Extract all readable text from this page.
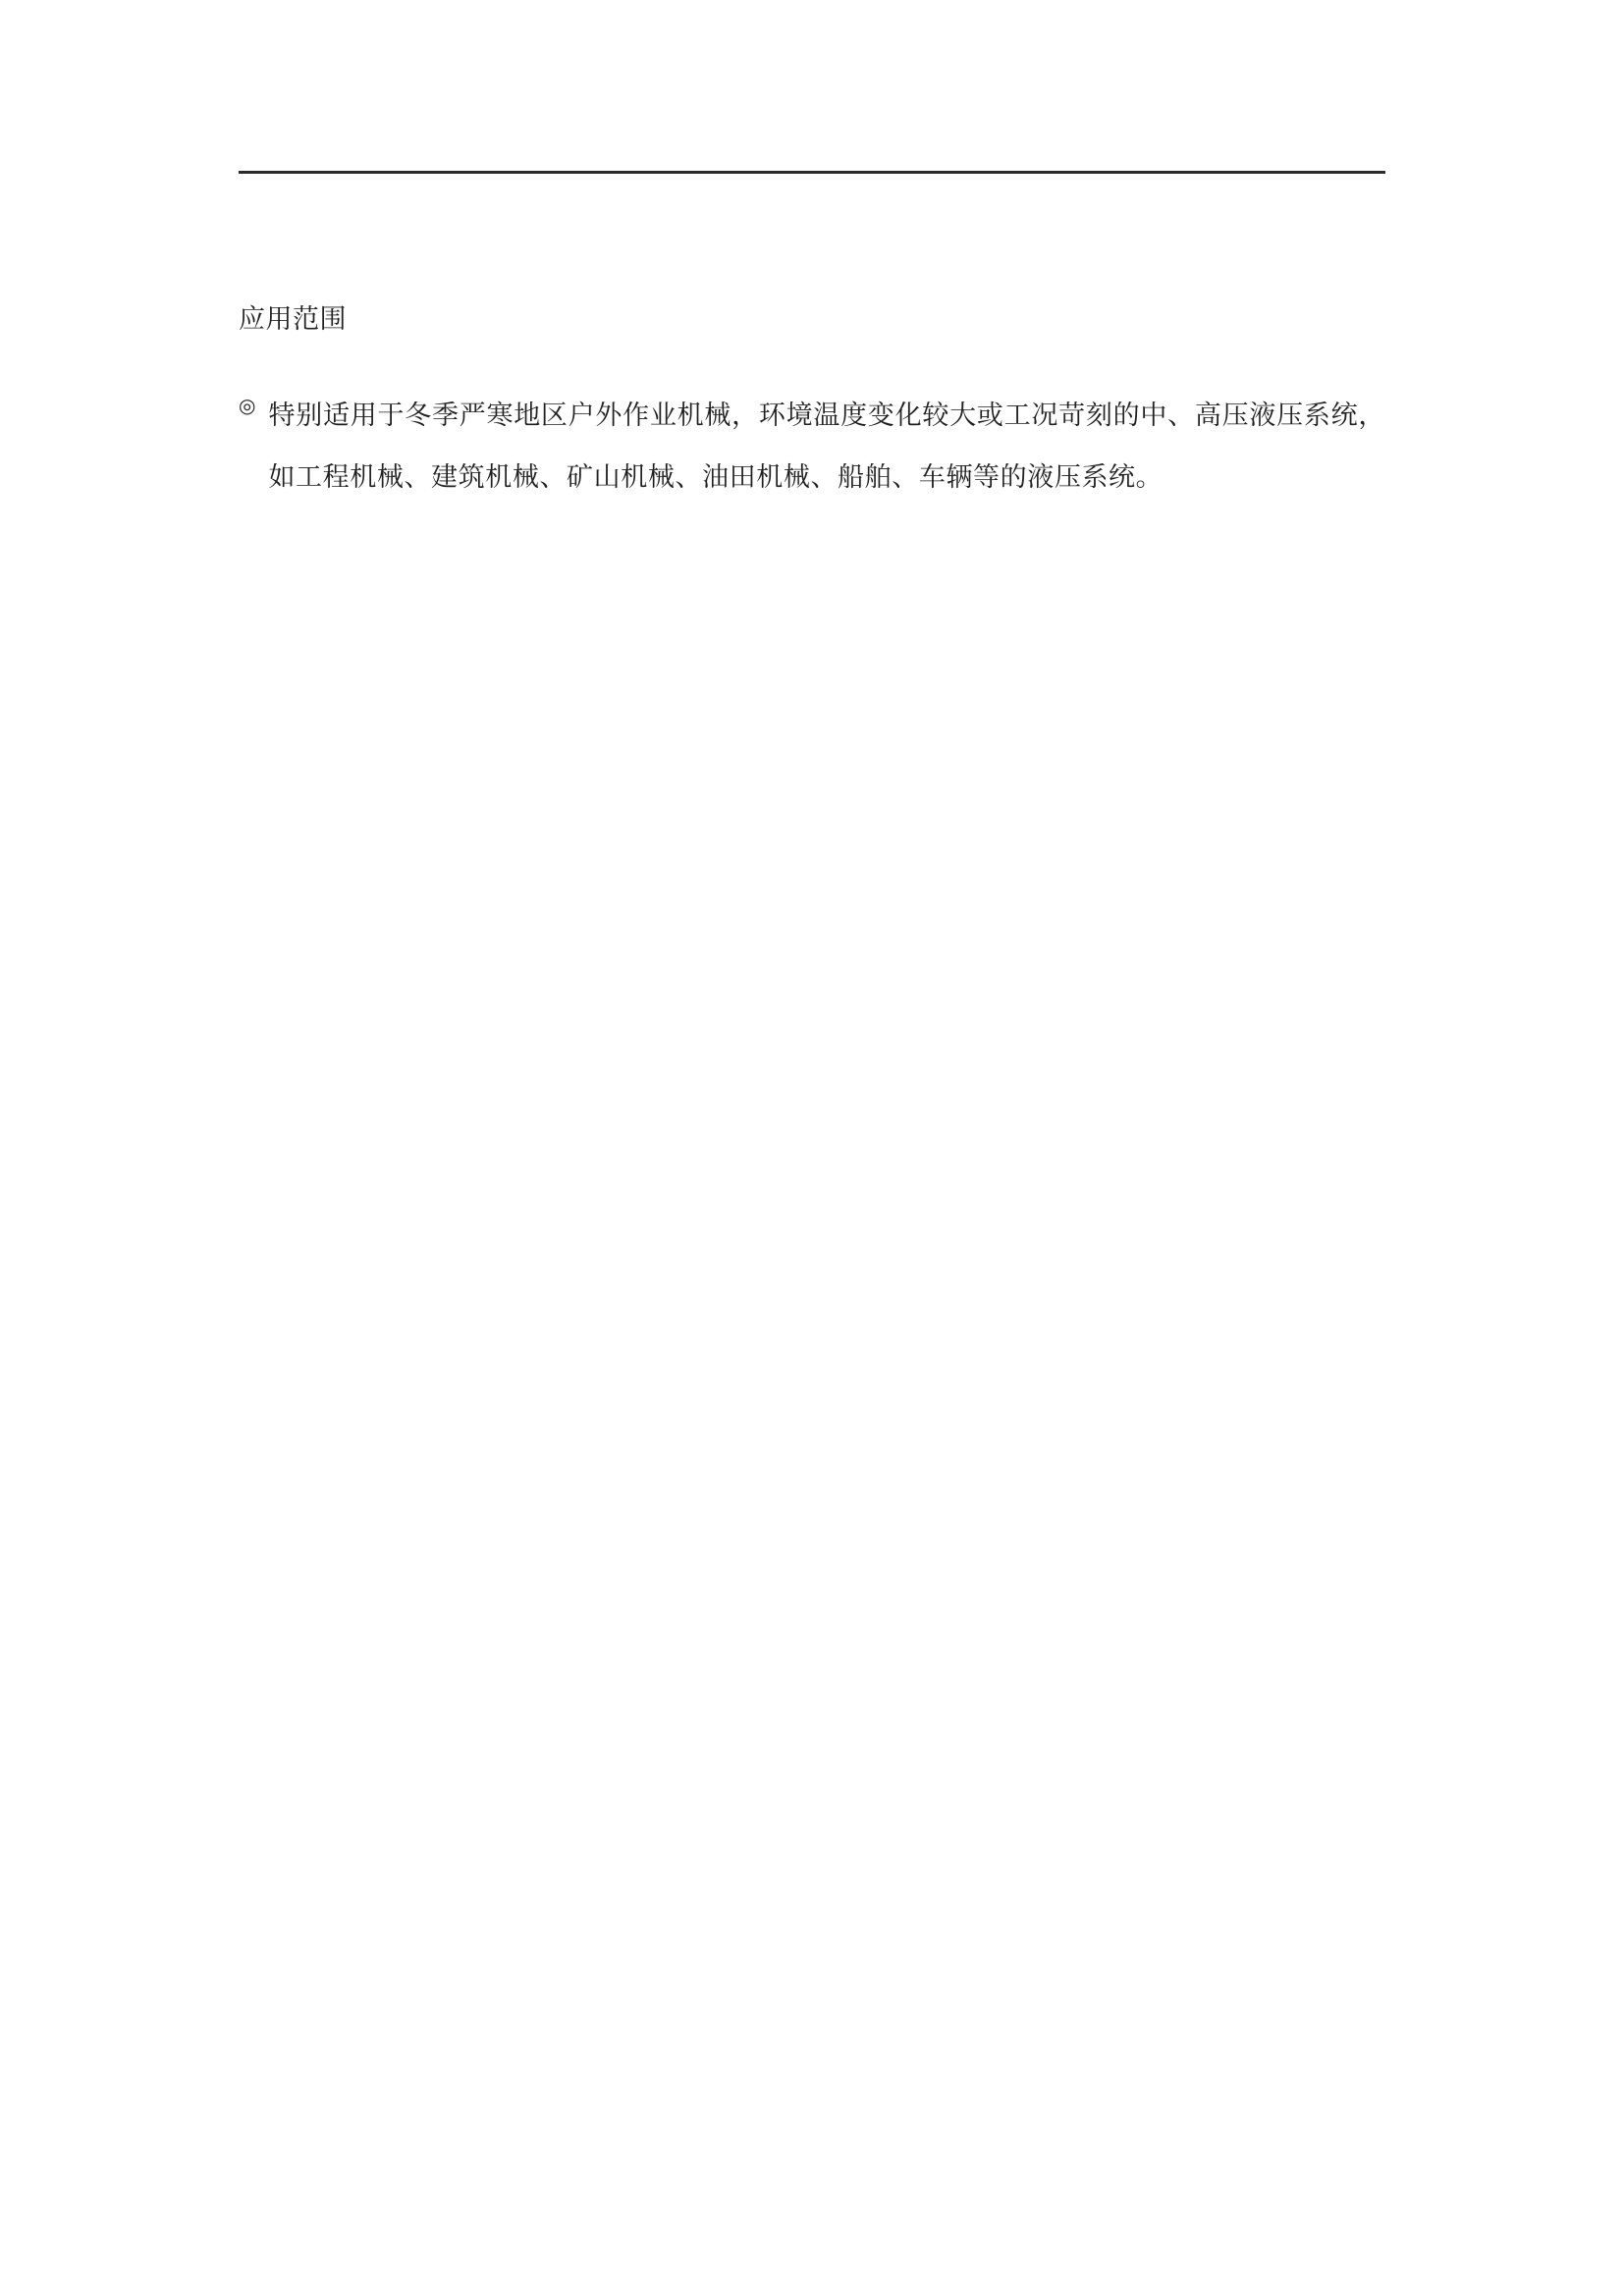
应用范围
◎ 特别适用于冬季严寒地区户外作业机械，环境温度变化较大或工况苛刻的中、高压液压系统，如工程机械、建筑机械、矿山机械、油田机械、船舶、车辆等的液压系统。
